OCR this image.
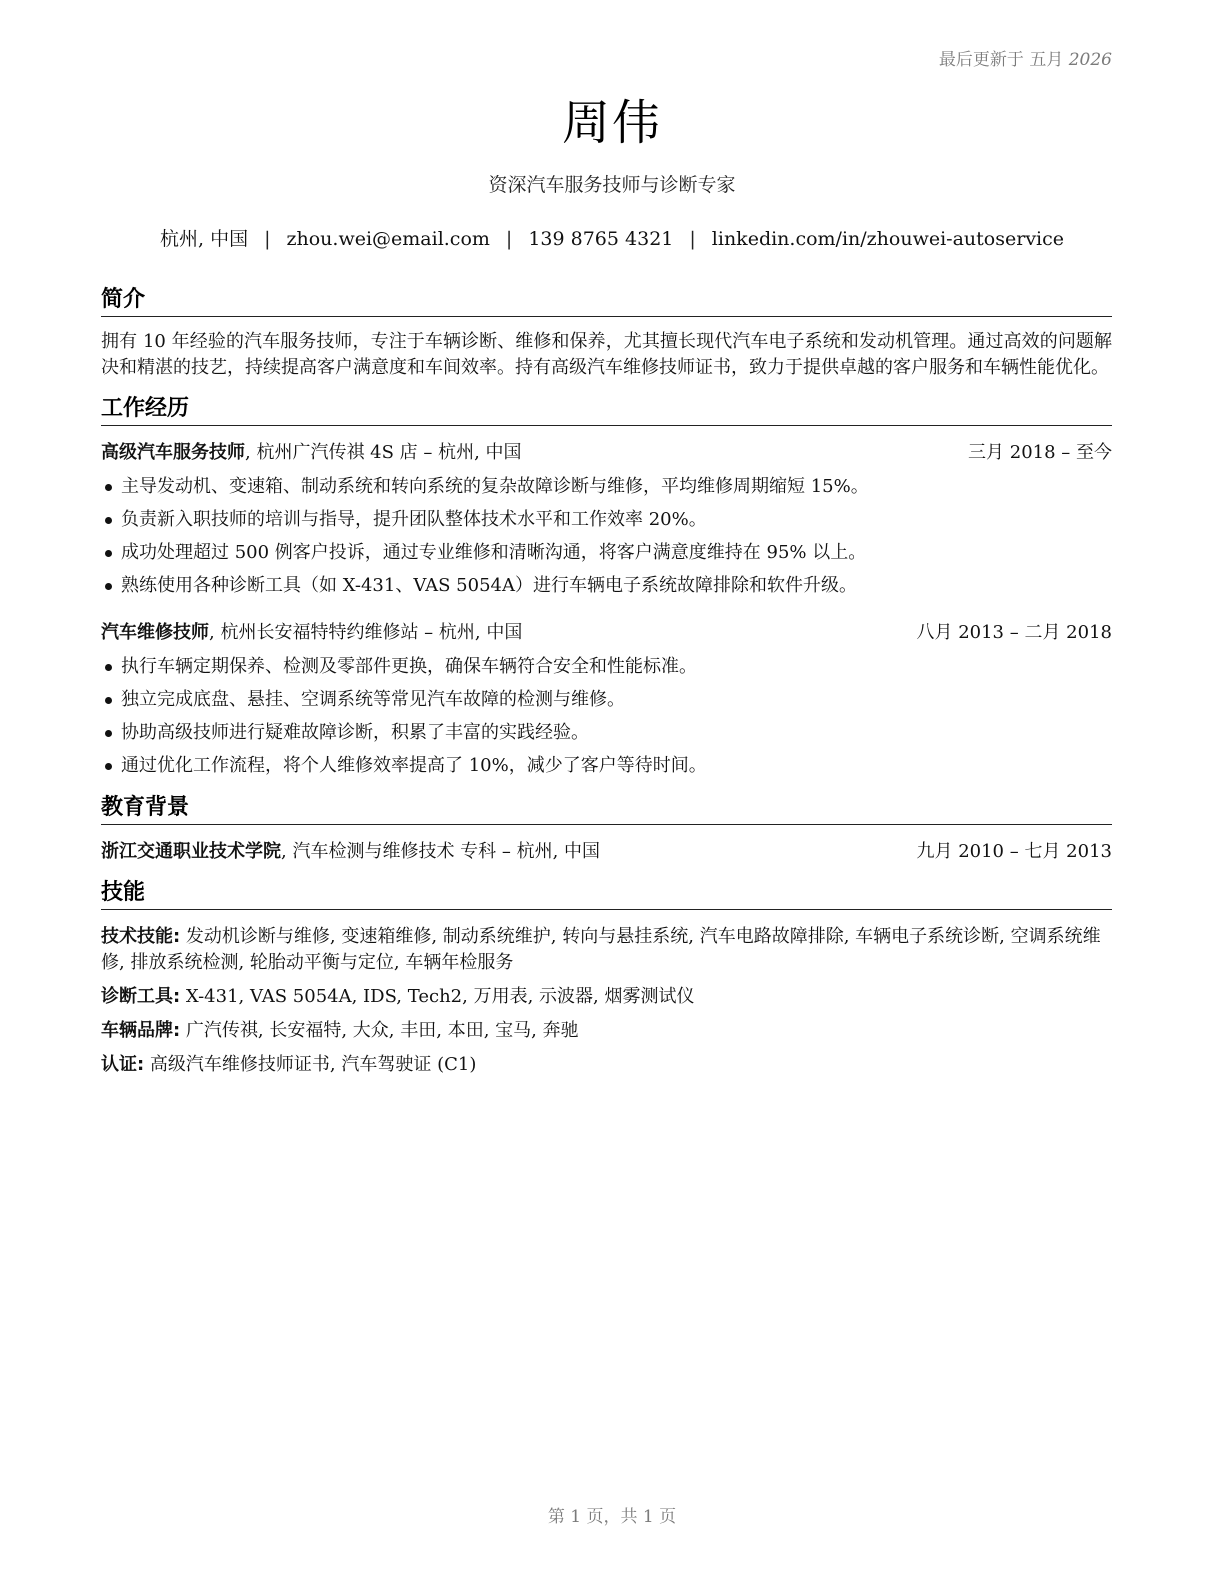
最后更新于 五月 2026
周伟
资深汽车服务技师与诊断专家
杭州, 中国 | zhou.wei@email.com | 139 8765 4321 | linkedin.com/in/zhouwei-autoservice
简介
拥有 10 年经验的汽车服务技师，专注于车辆诊断、维修和保养，尤其擅长现代汽车电子系统和发动机管理。通过高效的问题解决和精湛的技艺，持续提高客户满意度和车间效率。持有高级汽车维修技师证书，致力于提供卓越的客户服务和车辆性能优化。
工作经历
高级汽车服务技师, 杭州广汽传祺 4S 店 – 杭州, 中国	三月 2018 – 至今
主导发动机、变速箱、制动系统和转向系统的复杂故障诊断与维修，平均维修周期缩短 15%。
负责新入职技师的培训与指导，提升团队整体技术水平和工作效率 20%。
成功处理超过 500 例客户投诉，通过专业维修和清晰沟通，将客户满意度维持在 95% 以上。
熟练使用各种诊断工具（如 X-431、VAS 5054A）进行车辆电子系统故障排除和软件升级。
汽车维修技师, 杭州长安福特特约维修站 – 杭州, 中国	八月 2013 – 二月 2018
执行车辆定期保养、检测及零部件更换，确保车辆符合安全和性能标准。
独立完成底盘、悬挂、空调系统等常见汽车故障的检测与维修。
协助高级技师进行疑难故障诊断，积累了丰富的实践经验。
通过优化工作流程，将个人维修效率提高了 10%，减少了客户等待时间。
教育背景
浙江交通职业技术学院, 汽车检测与维修技术 专科 – 杭州, 中国	九月 2010 – 七月 2013
技能
技术技能: 发动机诊断与维修, 变速箱维修, 制动系统维护, 转向与悬挂系统, 汽车电路故障排除, 车辆电子系统诊断, 空调系统维修, 排放系统检测, 轮胎动平衡与定位, 车辆年检服务
诊断工具: X-431, VAS 5054A, IDS, Tech2, 万用表, 示波器, 烟雾测试仪
车辆品牌: 广汽传祺, 长安福特, 大众, 丰田, 本田, 宝马, 奔驰
认证: 高级汽车维修技师证书, 汽车驾驶证 (C1)
第 1 页，共 1 页
